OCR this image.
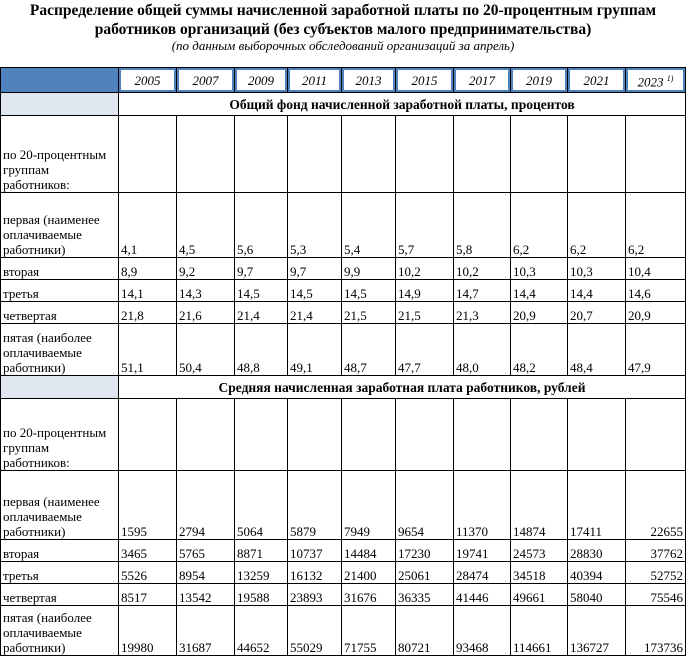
Распределение общей суммы начисленной заработной платы по 20-процентным группам
работников организаций (без субъектов малого предпринимательства)
(по данным выборочных обследований организаций за апрель)
	2005	2007	2009	2011	2013	2015	2017	2019	2021	2023 $^{1)}$
	Общий фонд начисленной заработной платы, процентов									
по 20-процентным группам работников:										
первая (наименее оплачиваемые работники)	4,1	4,5	5,6	5,3	5,4	5,7	5,8	6,2	6,2	6,2
вторая	8,9	9,2	9,7	9,7	9,9	10,2	10,2	10,3	10,3	10,4
третья	14,1	14,3	14,5	14,5	14,5	14,9	14,7	14,4	14,4	14,6
четвертая	21,8	21,6	21,4	21,4	21,5	21,5	21,3	20,9	20,7	20,9
пятая (наиболее оплачиваемые работники)	51,1	50,4	48,8	49,1	48,7	47,7	48,0	48,2	48,4	47,9
	Средняя начисленная заработная плата работников, рублей									
по 20-процентным группам работников:										
первая (наименее оплачиваемые работники)	1595	2794	5064	5879	7949	9654	11370	14874	17411	22655
вторая	3465	5765	8871	10737	14484	17230	19741	24573	28830	37762
третья	5526	8954	13259	16132	21400	25061	28474	34518	40394	52752
четвертая	8517	13542	19588	23893	31676	36335	41446	49661	58040	75546
пятая (наиболее оплачиваемые работники)	19980	31687	44652	55029	71755	80721	93468	114661	136727	173736
